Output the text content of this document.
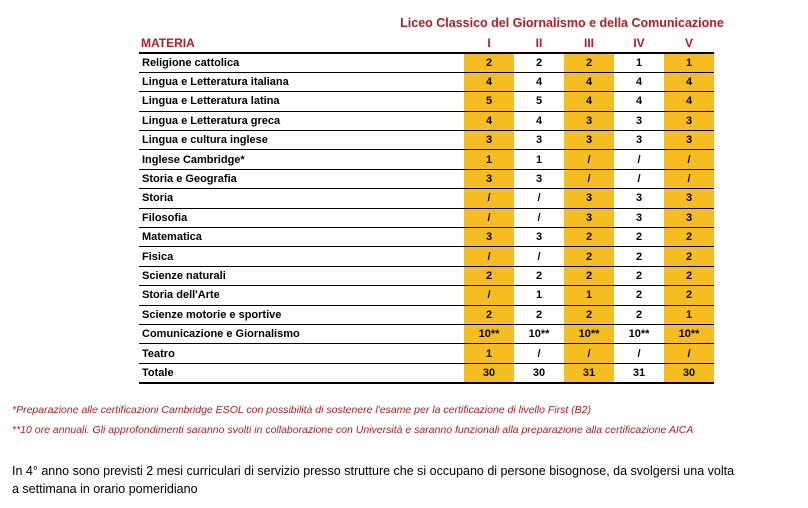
Liceo Classico del Giornalismo e della Comunicazione
MATERIA	I	II	III	IV	V
Religione cattolica	2	2	2	1	1
Lingua e Letteratura italiana	4	4	4	4	4
Lingua e Letteratura latina	5	5	4	4	4
Lingua e Letteratura greca	4	4	3	3	3
Lingua e cultura inglese	3	3	3	3	3
Inglese Cambridge*	1	1	/	/	/
Storia e Geografia	3	3	/	/	/
Storia	/	/	3	3	3
Filosofia	/	/	3	3	3
Matematica	3	3	2	2	2
Fisica	/	/	2	2	2
Scienze naturali	2	2	2	2	2
Storia dell'Arte	/	1	1	2	2
Scienze motorie e sportive	2	2	2	2	1
Comunicazione e Giornalismo	10**	10**	10**	10**	10**
Teatro	1	/	/	/	/
Totale	30	30	31	31	30
*Preparazione alle certificazioni Cambridge ESOL con possibilità di sostenere l'esame per la certificazione di livello First (B2)
**10 ore annuali. Gli approfondimenti saranno svolti in collaborazione con Università e saranno funzionali alla preparazione alla certificazione AICA
In 4° anno sono previsti 2 mesi curriculari di servizio presso strutture che si occupano di persone bisognose, da svolgersi una volta
a settimana in orario pomeridiano
